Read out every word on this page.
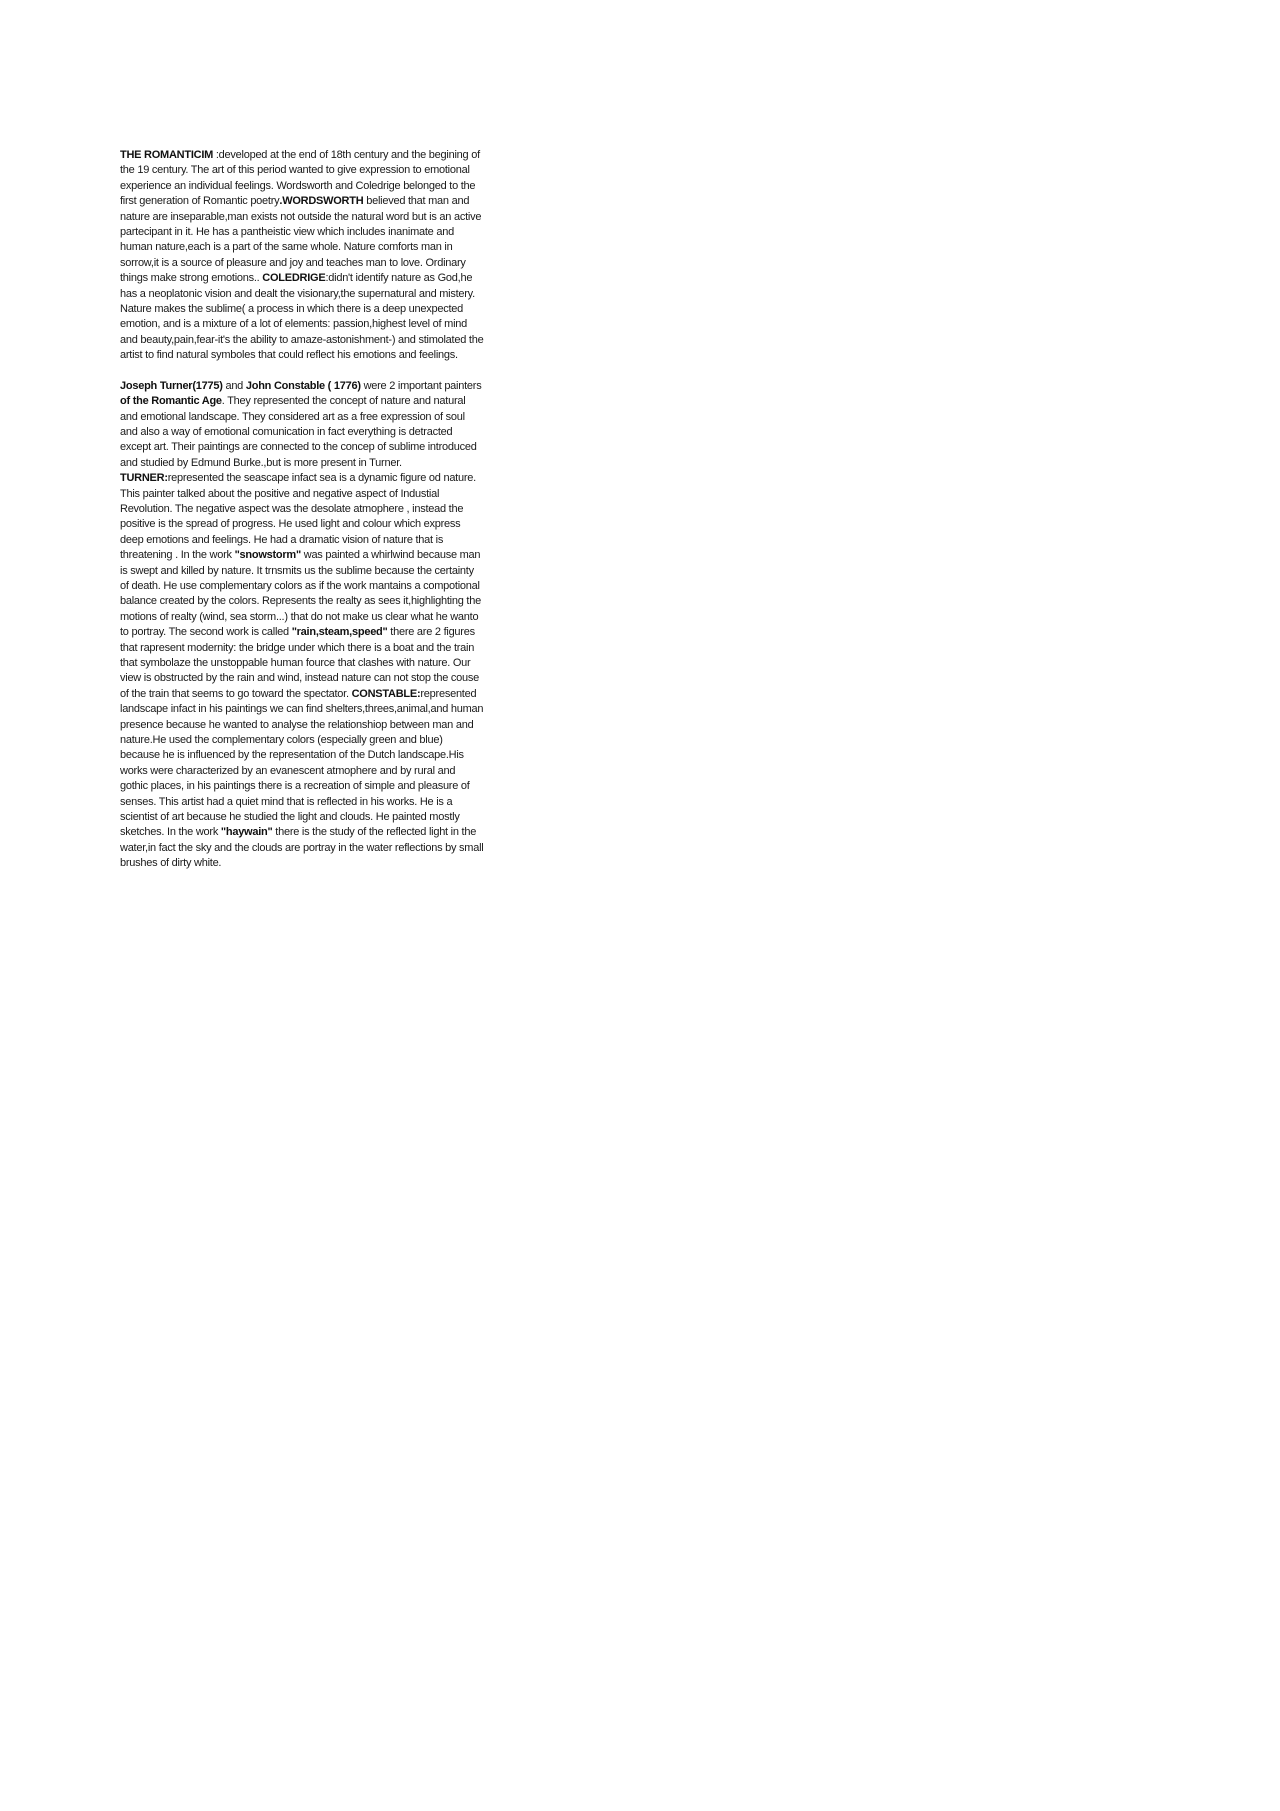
THE ROMANTICIM :developed at the end of 18th century and the begining of the 19 century. The art of this period wanted to give expression to emotional experience an individual feelings. Wordsworth and Coledrige belonged to the first generation of Romantic poetry.WORDSWORTH believed that man and nature are inseparable,man exists not outside the natural word but is an active partecipant in it. He has a pantheistic view which includes inanimate and human nature,each is a part of the same whole. Nature comforts man in sorrow,it is a source of pleasure and joy and teaches man to love. Ordinary things make strong emotions.. COLEDRIGE:didn't identify nature as God,he has a neoplatonic vision and dealt the visionary,the supernatural and mistery. Nature makes the sublime( a process in which there is a deep unexpected emotion, and is a mixture of a lot of elements: passion,highest level of mind and beauty,pain,fear-it's the ability to amaze-astonishment-) and stimolated the artist to find natural symboles that could reflect his emotions and feelings.

Joseph Turner(1775) and John Constable ( 1776) were 2 important painters of the Romantic Age. They represented the concept of nature and natural and emotional landscape. They considered art as a free expression of soul and also a way of emotional comunication in fact everything is detracted except art. Their paintings are connected to the concep of sublime introduced and studied by Edmund Burke.,but is more present in Turner. TURNER:represented the seascape infact sea is a dynamic figure od nature. This painter talked about the positive and negative aspect of Industial Revolution. The negative aspect was the desolate atmophere , instead the positive is the spread of progress. He used light and colour which express deep emotions and feelings. He had a dramatic vision of nature that is threatening . In the work "snowstorm" was painted a whirlwind because man is swept and killed by nature. It trnsmits us the sublime because the certainty of death. He use complementary colors as if the work mantains a compotional balance created by the colors. Represents the realty as sees it,highlighting the motions of realty (wind, sea storm...) that do not make us clear what he wanto to portray. The second work is called "rain,steam,speed" there are 2 figures that rapresent modernity: the bridge under which there is a boat and the train that symbolaze the unstoppable human fource that clashes with nature. Our view is obstructed by the rain and wind, instead nature can not stop the couse of the train that seems to go toward the spectator. CONSTABLE:represented landscape infact in his paintings we can find shelters,threes,animal,and human presence because he wanted to analyse the relationshiop between man and nature.He used the complementary colors (especially green and blue) because he is influenced by the representation of the Dutch landscape.His works were characterized by an evanescent atmophere and by rural and gothic places, in his paintings there is a recreation of simple and pleasure of senses. This artist had a quiet mind that is reflected in his works. He is a scientist of art because he studied the light and clouds. He painted mostly sketches. In the work "haywain" there is the study of the reflected light in the water,in fact the sky and the clouds are portray in the water reflections by small brushes of dirty white.
